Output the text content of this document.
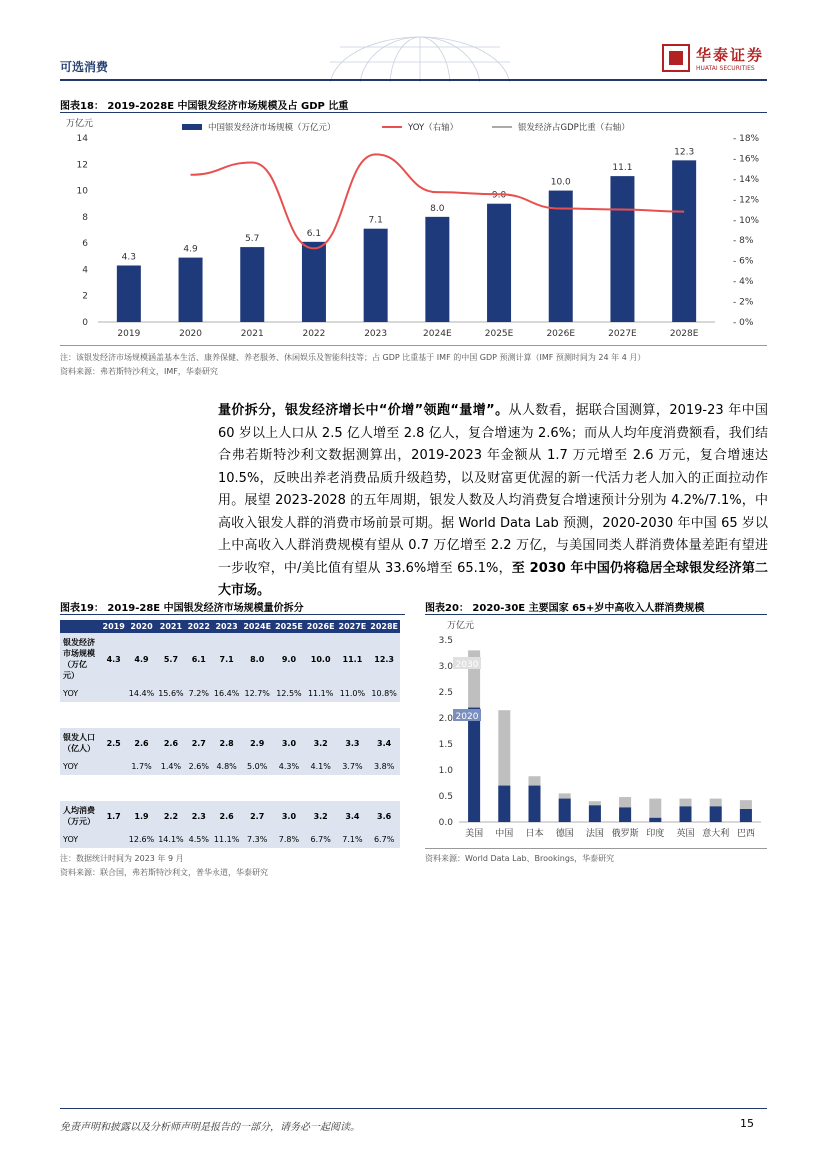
可选消费
华泰证券
HUATAI SECURITIES
图表18： 2019-2028E 中国银发经济市场规模及占 GDP 比重
万亿元
0
2
4
6
8
10
12
14
- 0%
- 2%
- 4%
- 6%
- 8%
- 10%
- 12%
- 14%
- 16%
- 18%
4.3
2019
4.9
2020
5.7
2021
6.1
2022
7.1
2023
8.0
2024E
9.0
2025E
10.0
2026E
11.1
2027E
12.3
2028E
中国银发经济市场规模（万亿元）	YOY（右轴）	银发经济占GDP比重（右轴）
注：该银发经济市场规模涵盖基本生活、康养保健、养老服务、休闲娱乐及智能科技等；占 GDP 比重基于 IMF 的中国 GDP 预测计算（IMF 预测时间为 24 年 4 月）
资料来源：弗若斯特沙利文，IMF，华泰研究
量价拆分，银发经济增长中“价增”领跑“量增”。从人数看，据联合国测算，2019-23 年中国 60 岁以上人口从 2.5 亿人增至 2.8 亿人，复合增速为 2.6%；而从人均年度消费额看，我们结合弗若斯特沙利文数据测算出，2019-2023 年金额从 1.7 万元增至 2.6 万元，复合增速达 10.5%，反映出养老消费品质升级趋势，以及财富更优渥的新一代活力老人加入的正面拉动作用。展望 2023-2028 的五年周期，银发人数及人均消费复合增速预计分别为 4.2%/7.1%，中高收入银发人群的消费市场前景可期。据 World Data Lab 预测，2020-2030 年中国 65 岁以上中高收入人群消费规模有望从 0.7 万亿增至 2.2 万亿，与美国同类人群消费体量差距有望进一步收窄，中/美比值有望从 33.6%增至 65.1%，至 2030 年中国仍将稳居全球银发经济第二大市场。
图表19： 2019-28E 中国银发经济市场规模量价拆分
	2019	2020	2021	2022	2023	2024E	2025E	2026E	2027E	2028E
银发经济市场规模（万亿元）	4.3	4.9	5.7	6.1	7.1	8.0	9.0	10.0	11.1	12.3
YOY		14.4%	15.6%	7.2%	16.4%	12.7%	12.5%	11.1%	11.0%	10.8%

银发人口（亿人）	2.5	2.6	2.6	2.7	2.8	2.9	3.0	3.2	3.3	3.4
YOY		1.7%	1.4%	2.6%	4.8%	5.0%	4.3%	4.1%	3.7%	3.8%

人均消费（万元）	1.7	1.9	2.2	2.3	2.6	2.7	3.0	3.2	3.4	3.6
YOY		12.6%	14.1%	4.5%	11.1%	7.3%	7.8%	6.7%	7.1%	6.7%
注：数据统计时间为 2023 年 9 月
资料来源：联合国，弗若斯特沙利文，普华永道，华泰研究
图表20： 2020-30E 主要国家 65+岁中高收入人群消费规模
万亿元
0.0
0.5
1.0
1.5
2.0
2.5
3.0
3.5
美国 中国 日本 德国 法国 俄罗斯 印度 英国 意大利 巴西
2030
2020
资料来源：World Data Lab、Brookings，华泰研究
免责声明和披露以及分析师声明是报告的一部分，请务必一起阅读。	15
